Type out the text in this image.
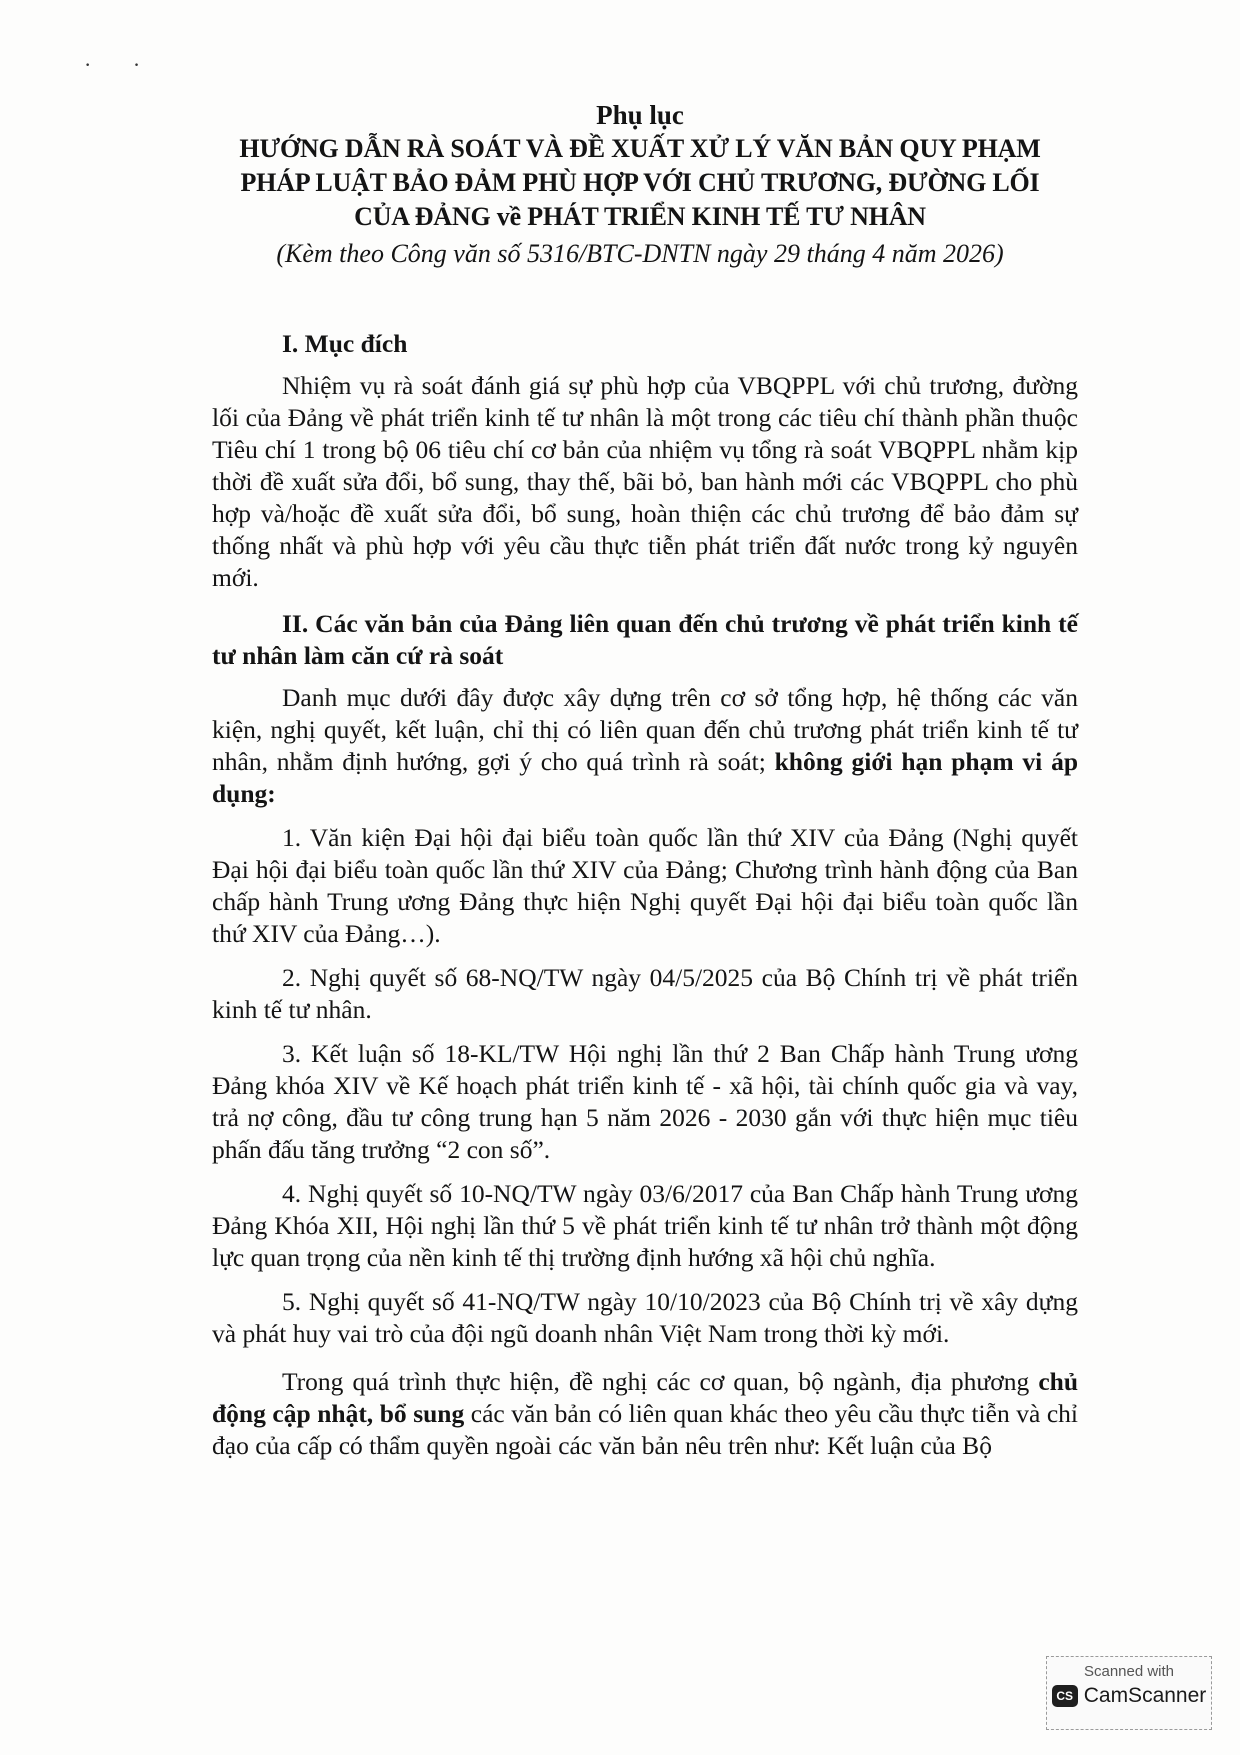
· ·
Phụ lục
HƯỚNG DẪN RÀ SOÁT VÀ ĐỀ XUẤT XỬ LÝ VĂN BẢN QUY PHẠM
PHÁP LUẬT BẢO ĐẢM PHÙ HỢP VỚI CHỦ TRƯƠNG, ĐƯỜNG LỐI
CỦA ĐẢNG về PHÁT TRIỂN KINH TẾ TƯ NHÂN
(Kèm theo Công văn số 5316/BTC-DNTN ngày 29 tháng 4 năm 2026)
I. Mục đích

Nhiệm vụ rà soát đánh giá sự phù hợp của VBQPPL với chủ trương, đường lối của Đảng về phát triển kinh tế tư nhân là một trong các tiêu chí thành phần thuộc Tiêu chí 1 trong bộ 06 tiêu chí cơ bản của nhiệm vụ tổng rà soát VBQPPL nhằm kịp thời đề xuất sửa đổi, bổ sung, thay thế, bãi bỏ, ban hành mới các VBQPPL cho phù hợp và/hoặc đề xuất sửa đổi, bổ sung, hoàn thiện các chủ trương để bảo đảm sự thống nhất và phù hợp với yêu cầu thực tiễn phát triển đất nước trong kỷ nguyên mới.

II. Các văn bản của Đảng liên quan đến chủ trương về phát triển kinh tế tư nhân làm căn cứ rà soát

Danh mục dưới đây được xây dựng trên cơ sở tổng hợp, hệ thống các văn kiện, nghị quyết, kết luận, chỉ thị có liên quan đến chủ trương phát triển kinh tế tư nhân, nhằm định hướng, gợi ý cho quá trình rà soát; không giới hạn phạm vi áp dụng:

1. Văn kiện Đại hội đại biểu toàn quốc lần thứ XIV của Đảng (Nghị quyết Đại hội đại biểu toàn quốc lần thứ XIV của Đảng; Chương trình hành động của Ban chấp hành Trung ương Đảng thực hiện Nghị quyết Đại hội đại biểu toàn quốc lần thứ XIV của Đảng…).

2. Nghị quyết số 68-NQ/TW ngày 04/5/2025 của Bộ Chính trị về phát triển kinh tế tư nhân.

3. Kết luận số 18-KL/TW Hội nghị lần thứ 2 Ban Chấp hành Trung ương Đảng khóa XIV về Kế hoạch phát triển kinh tế - xã hội, tài chính quốc gia và vay, trả nợ công, đầu tư công trung hạn 5 năm 2026 - 2030 gắn với thực hiện mục tiêu phấn đấu tăng trưởng “2 con số”.

4. Nghị quyết số 10-NQ/TW ngày 03/6/2017 của Ban Chấp hành Trung ương Đảng Khóa XII, Hội nghị lần thứ 5 về phát triển kinh tế tư nhân trở thành một động lực quan trọng của nền kinh tế thị trường định hướng xã hội chủ nghĩa.

5. Nghị quyết số 41-NQ/TW ngày 10/10/2023 của Bộ Chính trị về xây dựng và phát huy vai trò của đội ngũ doanh nhân Việt Nam trong thời kỳ mới.

Trong quá trình thực hiện, đề nghị các cơ quan, bộ ngành, địa phương chủ động cập nhật, bổ sung các văn bản có liên quan khác theo yêu cầu thực tiễn và chỉ đạo của cấp có thẩm quyền ngoài các văn bản nêu trên như: Kết luận của Bộ

Scanned with
CS CamScanner
